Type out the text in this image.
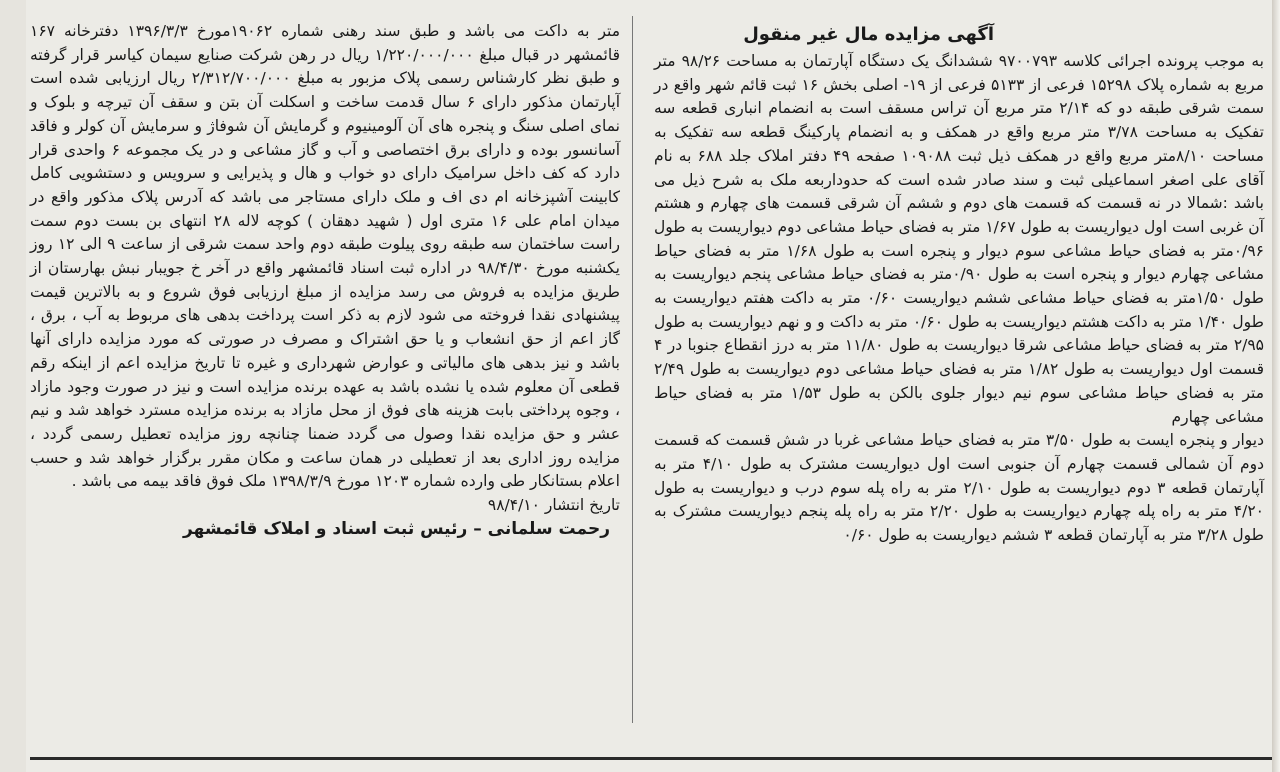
آگهی مزایده مال غیر منقول

به موجب پرونده اجرائی کلاسه ۹۷۰۰۷۹۳ ششدانگ یک دستگاه آپارتمان به مساحت ۹۸/۲۶ متر مربع به شماره پلاک ۱۵۲۹۸ فرعی از ۵۱۳۳ فرعی از ۱۹- اصلی بخش ۱۶ ثبت قائم شهر واقع در سمت شرقی طبقه دو که ۲/۱۴ متر مربع آن تراس مسقف است به انضمام انباری قطعه سه تفکیک به مساحت ۳/۷۸ متر مربع واقع در همکف و به انضمام پارکینگ قطعه سه تفکیک به مساحت ۸/۱۰متر مربع واقع در همکف ذیل ثبت ۱۰۹۰۸۸ صفحه ۴۹ دفتر املاک جلد ۶۸۸ به نام آقای علی اصغر اسماعیلی ثبت و سند صادر شده است که حدوداربعه ملک به شرح ذیل می باشد :شمالا در نه قسمت که قسمت های دوم و ششم آن شرقی قسمت های چهارم و هشتم آن غربی است اول دیواریست به طول ۱/۶۷ متر به فضای حیاط مشاعی دوم دیواریست به طول ۰/۹۶متر به فضای حیاط مشاعی سوم دیوار و پنجره است به طول ۱/۶۸ متر به فضای حیاط مشاعی چهارم دیوار و پنجره است به طول ۰/۹۰متر به فضای حیاط مشاعی پنجم دیواریست به طول ۱/۵۰متر به فضای حیاط مشاعی ششم دیواریست ۰/۶۰ متر به داکت هفتم دیواریست به طول ۱/۴۰ متر به داکت هشتم دیواریست به طول ۰/۶۰ متر به داکت و و نهم دیواریست به طول ۲/۹۵ متر به فضای حیاط مشاعی شرقا دیواریست به طول ۱۱/۸۰ متر به درز انقطاع جنوبا در ۴ قسمت اول دیواریست به طول ۱/۸۲ متر به فضای حیاط مشاعی دوم دیواریست به طول ۲/۴۹ متر به فضای حیاط مشاعی سوم نیم دیوار جلوی بالکن به طول ۱/۵۳ متر به فضای حیاط مشاعی چهارم

دیوار و پنجره ایست به طول ۳/۵۰ متر به فضای حیاط مشاعی غربا در شش قسمت که قسمت دوم آن شمالی قسمت چهارم آن جنوبی است اول دیواریست مشترک به طول ۴/۱۰ متر به آپارتمان قطعه ۳ دوم دیواریست به طول ۲/۱۰ متر به راه پله سوم درب و دیواریست به طول ۴/۲۰ متر به راه پله چهارم دیواریست به طول ۲/۲۰ متر به راه پله پنجم دیواریست مشترک به طول ۳/۲۸ متر به آپارتمان قطعه ۳ ششم دیواریست به طول ۰/۶۰

متر به داکت می باشد و طبق سند رهنی شماره ۱۹۰۶۲مورخ ۱۳۹۶/۳/۳ دفترخانه ۱۶۷ قائمشهر در قبال مبلغ ۱/۲۲۰/۰۰۰/۰۰۰ ریال در رهن شرکت صنایع سیمان کیاسر قرار گرفته و طبق نظر کارشناس رسمی پلاک مزبور به مبلغ ۲/۳۱۲/۷۰۰/۰۰۰ ریال ارزیابی شده است آپارتمان مذکور دارای ۶ سال قدمت ساخت و اسکلت آن بتن و سقف آن تیرچه و بلوک و نمای اصلی سنگ و پنجره های آن آلومینیوم و گرمایش آن شوفاژ و سرمایش آن کولر و فاقد آسانسور بوده و دارای برق اختصاصی و آب و گاز مشاعی و در یک مجموعه ۶ واحدی قرار دارد که کف داخل سرامیک دارای دو خواب و هال و پذیرایی و سرویس و دستشویی کامل کابینت آشپزخانه ام دی اف و ملک دارای مستاجر می باشد که آدرس پلاک مذکور واقع در میدان امام علی ۱۶ متری اول ( شهید دهقان ) کوچه لاله ۲۸ انتهای بن بست دوم سمت راست ساختمان سه طبقه روی پیلوت طبقه دوم واحد سمت شرقی از ساعت ۹ الی ۱۲ روز یکشنبه مورخ ۹۸/۴/۳۰ در اداره ثبت اسناد قائمشهر واقع در آخر خ جویبار نبش بهارستان از طریق مزایده به فروش می رسد مزایده از مبلغ ارزیابی فوق شروع و به بالاترین قیمت پیشنهادی نقدا فروخته می شود لازم به ذکر است پرداخت بدهی های مربوط به آب ، برق ، گاز اعم از حق انشعاب و یا حق اشتراک و مصرف در صورتی که مورد مزایده دارای آنها باشد و نیز بدهی های مالیاتی و عوارض شهرداری و غیره تا تاریخ مزایده اعم از اینکه رقم قطعی آن معلوم شده یا نشده باشد به عهده برنده مزایده است و نیز در صورت وجود مازاد ، وجوه پرداختی بابت هزینه های فوق از محل مازاد به برنده مزایده مسترد خواهد شد و نیم عشر و حق مزایده نقدا وصول می گردد ضمنا چنانچه روز مزایده تعطیل رسمی گردد ، مزایده روز اداری بعد از تعطیلی در همان ساعت و مکان مقرر برگزار خواهد شد و حسب اعلام بستانکار طی وارده شماره ۱۲۰۳ مورخ ۱۳۹۸/۳/۹ ملک فوق فاقد بیمه می باشد .

تاریخ انتشار ۹۸/۴/۱۰

رحمت سلمانی – رئیس ثبت اسناد و املاک قائمشهر
